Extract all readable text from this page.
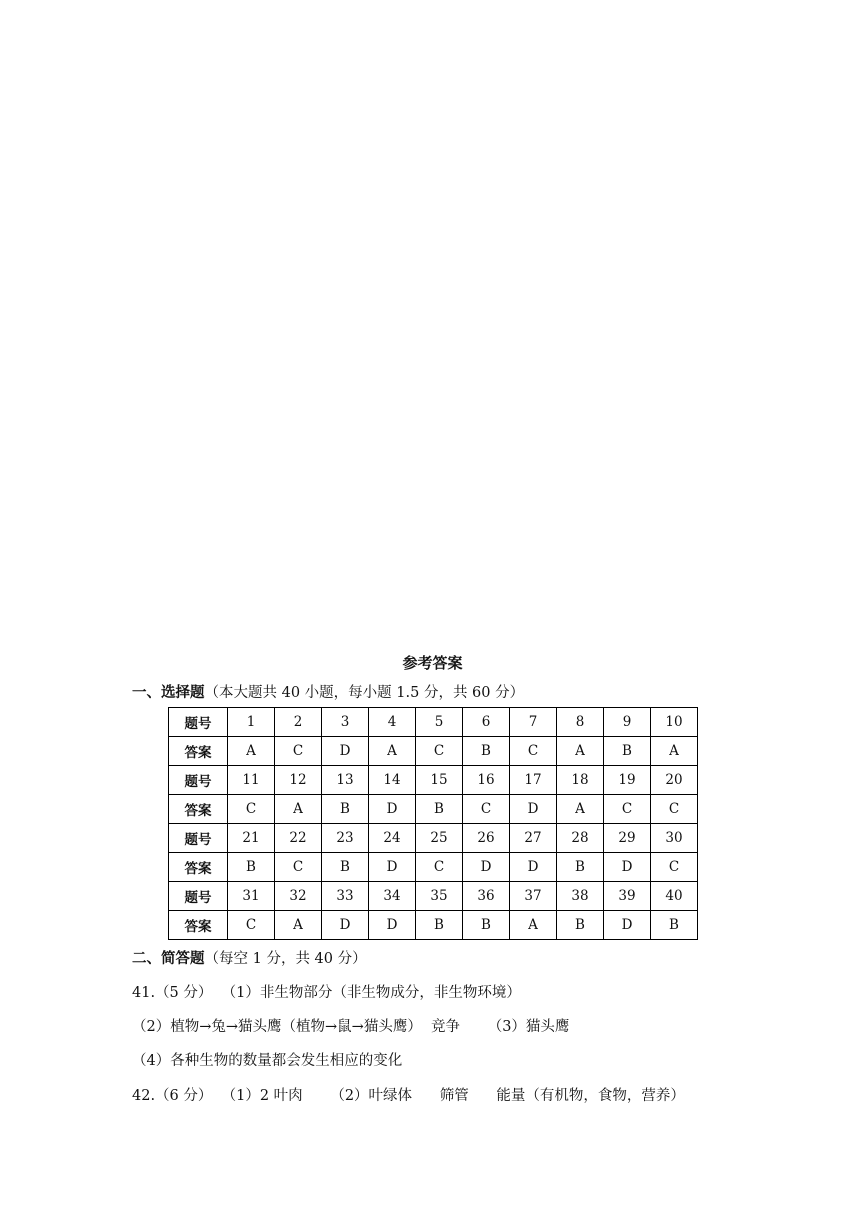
参考答案
一、选择题（本大题共 40 小题，每小题 1.5 分，共 60 分）
题号	1	2	3	4	5	6	7	8	9	10
答案	A	C	D	A	C	B	C	A	B	A
题号	11	12	13	14	15	16	17	18	19	20
答案	C	A	B	D	B	C	D	A	C	C
题号	21	22	23	24	25	26	27	28	29	30
答案	B	C	B	D	C	D	D	B	D	C
题号	31	32	33	34	35	36	37	38	39	40
答案	C	A	D	D	B	B	A	B	D	B
二、简答题（每空 1 分，共 40 分）
41.（5 分）  （1）非生物部分（非生物成分，非生物环境）
（2）植物→兔→猫头鹰（植物→鼠→猫头鹰）  竞争      （3）猫头鹰
（4）各种生物的数量都会发生相应的变化
42.（6 分）  （1）2 叶肉      （2）叶绿体      筛管      能量（有机物，食物，营养）
